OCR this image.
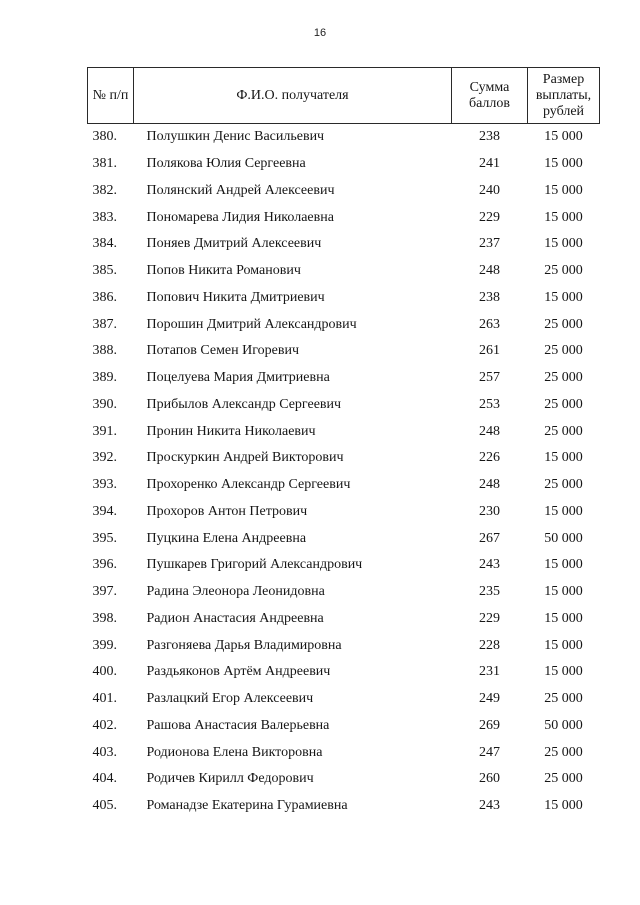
16
№ п/п	Ф.И.О. получателя	Сумма баллов	Размер выплаты, рублей

380.	Полушкин Денис Васильевич	238	15 000
381.	Полякова Юлия Сергеевна	241	15 000
382.	Полянский Андрей Алексеевич	240	15 000
383.	Пономарева Лидия Николаевна	229	15 000
384.	Поняев Дмитрий Алексеевич	237	15 000
385.	Попов Никита Романович	248	25 000
386.	Попович Никита Дмитриевич	238	15 000
387.	Порошин Дмитрий Александрович	263	25 000
388.	Потапов Семен Игоревич	261	25 000
389.	Поцелуева Мария Дмитриевна	257	25 000
390.	Прибылов Александр Сергеевич	253	25 000
391.	Пронин Никита Николаевич	248	25 000
392.	Проскуркин Андрей Викторович	226	15 000
393.	Прохоренко Александр Сергеевич	248	25 000
394.	Прохоров Антон Петрович	230	15 000
395.	Пуцкина Елена Андреевна	267	50 000
396.	Пушкарев Григорий Александрович	243	15 000
397.	Радина Элеонора Леонидовна	235	15 000
398.	Радион Анастасия Андреевна	229	15 000
399.	Разгоняева Дарья Владимировна	228	15 000
400.	Раздьяконов Артём Андреевич	231	15 000
401.	Разлацкий Егор Алексеевич	249	25 000
402.	Рашова Анастасия Валерьевна	269	50 000
403.	Родионова Елена Викторовна	247	25 000
404.	Родичев Кирилл Федорович	260	25 000
405.	Романадзе Екатерина Гурамиевна	243	15 000
